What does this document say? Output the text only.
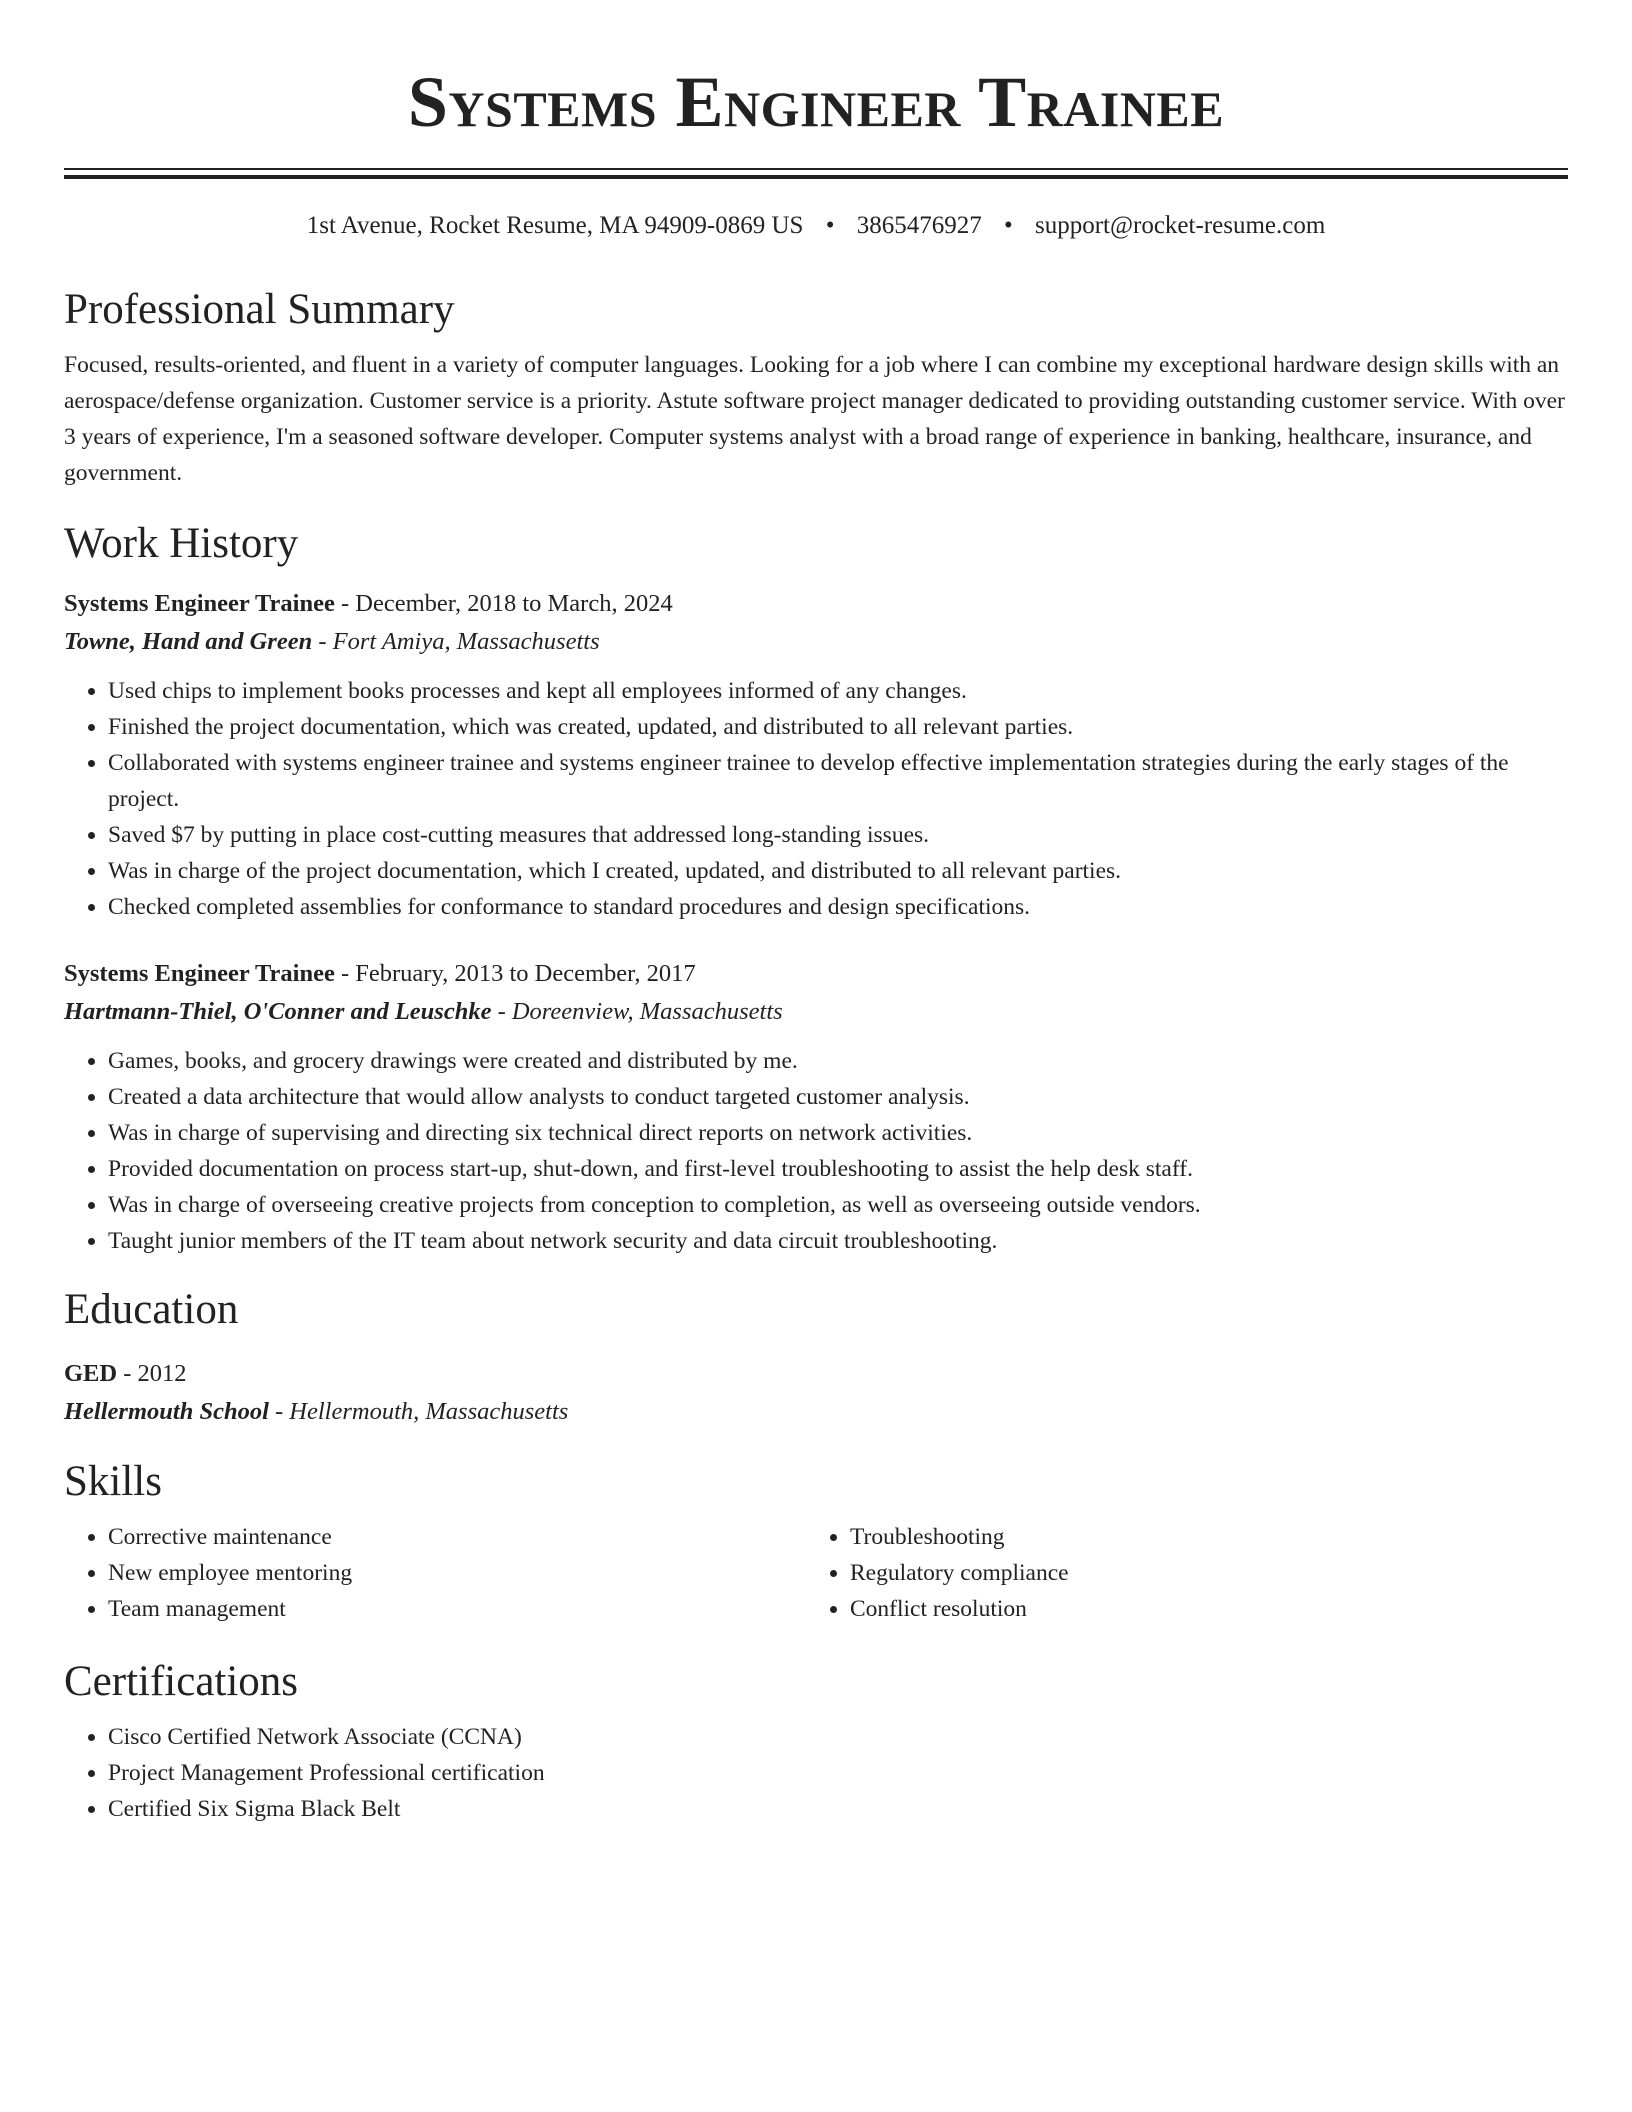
Systems Engineer Trainee
1st Avenue, Rocket Resume, MA 94909-0869 US • 3865476927 • support@rocket-resume.com
Professional Summary

Focused, results-oriented, and fluent in a variety of computer languages. Looking for a job where I can combine my exceptional hardware design skills with an aerospace/defense organization. Customer service is a priority. Astute software project manager dedicated to providing outstanding customer service. With over 3 years of experience, I'm a seasoned software developer. Computer systems analyst with a broad range of experience in banking, healthcare, insurance, and government.

Work History
Systems Engineer Trainee - December, 2018 to March, 2024
Towne, Hand and Green - Fort Amiya, Massachusetts
• Used chips to implement books processes and kept all employees informed of any changes.
• Finished the project documentation, which was created, updated, and distributed to all relevant parties.
• Collaborated with systems engineer trainee and systems engineer trainee to develop effective implementation strategies during the early stages of the project.
• Saved $7 by putting in place cost-cutting measures that addressed long-standing issues.
• Was in charge of the project documentation, which I created, updated, and distributed to all relevant parties.
• Checked completed assemblies for conformance to standard procedures and design specifications.
Systems Engineer Trainee - February, 2013 to December, 2017
Hartmann-Thiel, O'Conner and Leuschke - Doreenview, Massachusetts
• Games, books, and grocery drawings were created and distributed by me.
• Created a data architecture that would allow analysts to conduct targeted customer analysis.
• Was in charge of supervising and directing six technical direct reports on network activities.
• Provided documentation on process start-up, shut-down, and first-level troubleshooting to assist the help desk staff.
• Was in charge of overseeing creative projects from conception to completion, as well as overseeing outside vendors.
• Taught junior members of the IT team about network security and data circuit troubleshooting.
Education
GED - 2012
Hellermouth School - Hellermouth, Massachusetts
Skills
• Corrective maintenance
• New employee mentoring
• Team management
• Troubleshooting
• Regulatory compliance
• Conflict resolution
Certifications
• Cisco Certified Network Associate (CCNA)
• Project Management Professional certification
• Certified Six Sigma Black Belt
